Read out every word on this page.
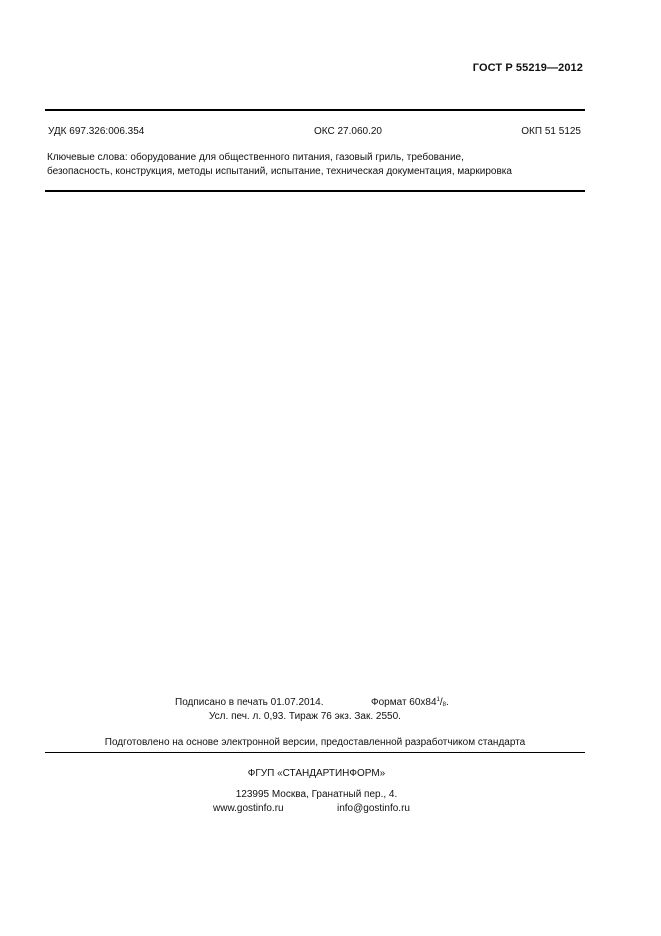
ГОСТ Р 55219—2012
УДК 697.326:006.354	ОКС 27.060.20	ОКП 51 5125
Ключевые слова: оборудование для общественного питания, газовый гриль, требование,
безопасность, конструкция, методы испытаний, испытание, техническая документация, маркировка
Подписано в печать 01.07.2014.	Формат $60x84^1/_8$.
Усл. печ. л. 0,93. Тираж 76 экз. Зак. 2550.
Подготовлено на основе электронной версии, предоставленной разработчиком стандарта
ФГУП «СТАНДАРТИНФОРМ»
123995 Москва, Гранатный пер., 4.
www.gostinfo.ru	info@gostinfo.ru
